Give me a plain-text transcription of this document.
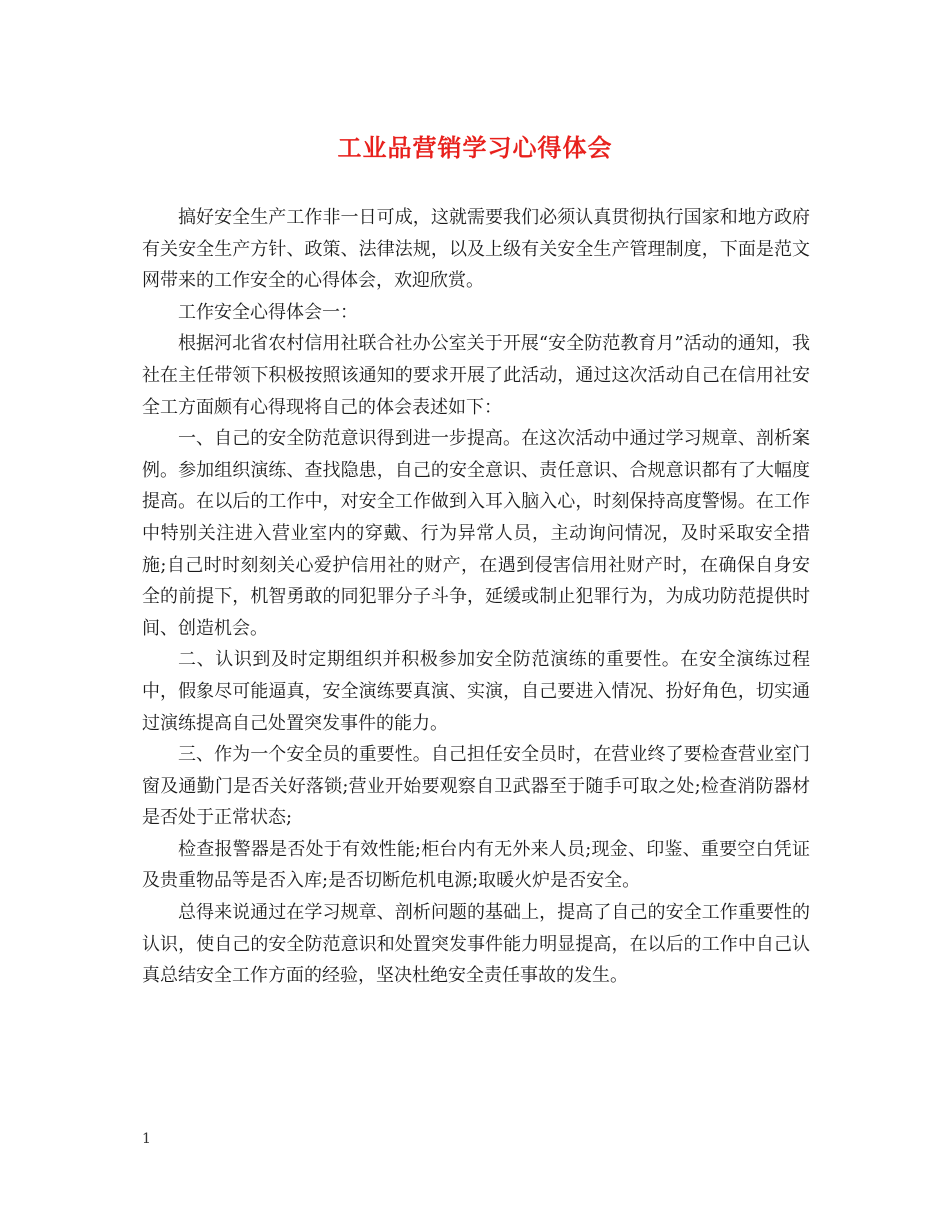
工业品营销学习心得体会

搞好安全生产工作非一日可成，这就需要我们必须认真贯彻执行国家和地方政府有关安全生产方针、政策、法律法规，以及上级有关安全生产管理制度，下面是范文网带来的工作安全的心得体会，欢迎欣赏。

工作安全心得体会一：

根据河北省农村信用社联合社办公室关于开展“安全防范教育月”活动的通知，我社在主任带领下积极按照该通知的要求开展了此活动，通过这次活动自己在信用社安全工方面颇有心得现将自己的体会表述如下：

一、自己的安全防范意识得到进一步提高。在这次活动中通过学习规章、剖析案例。参加组织演练、查找隐患，自己的安全意识、责任意识、合规意识都有了大幅度提高。在以后的工作中，对安全工作做到入耳入脑入心，时刻保持高度警惕。在工作中特别关注进入营业室内的穿戴、行为异常人员，主动询问情况，及时采取安全措施;自己时时刻刻关心爱护信用社的财产，在遇到侵害信用社财产时，在确保自身安全的前提下，机智勇敢的同犯罪分子斗争，延缓或制止犯罪行为，为成功防范提供时间、创造机会。

二、认识到及时定期组织并积极参加安全防范演练的重要性。在安全演练过程中，假象尽可能逼真，安全演练要真演、实演，自己要进入情况、扮好角色，切实通过演练提高自己处置突发事件的能力。

三、作为一个安全员的重要性。自己担任安全员时，在营业终了要检查营业室门窗及通勤门是否关好落锁;营业开始要观察自卫武器至于随手可取之处;检查消防器材是否处于正常状态;

检查报警器是否处于有效性能;柜台内有无外来人员;现金、印鉴、重要空白凭证及贵重物品等是否入库;是否切断危机电源;取暖火炉是否安全。

总得来说通过在学习规章、剖析问题的基础上，提高了自己的安全工作重要性的认识，使自己的安全防范意识和处置突发事件能力明显提高，在以后的工作中自己认真总结安全工作方面的经验，坚决杜绝安全责任事故的发生。

1
